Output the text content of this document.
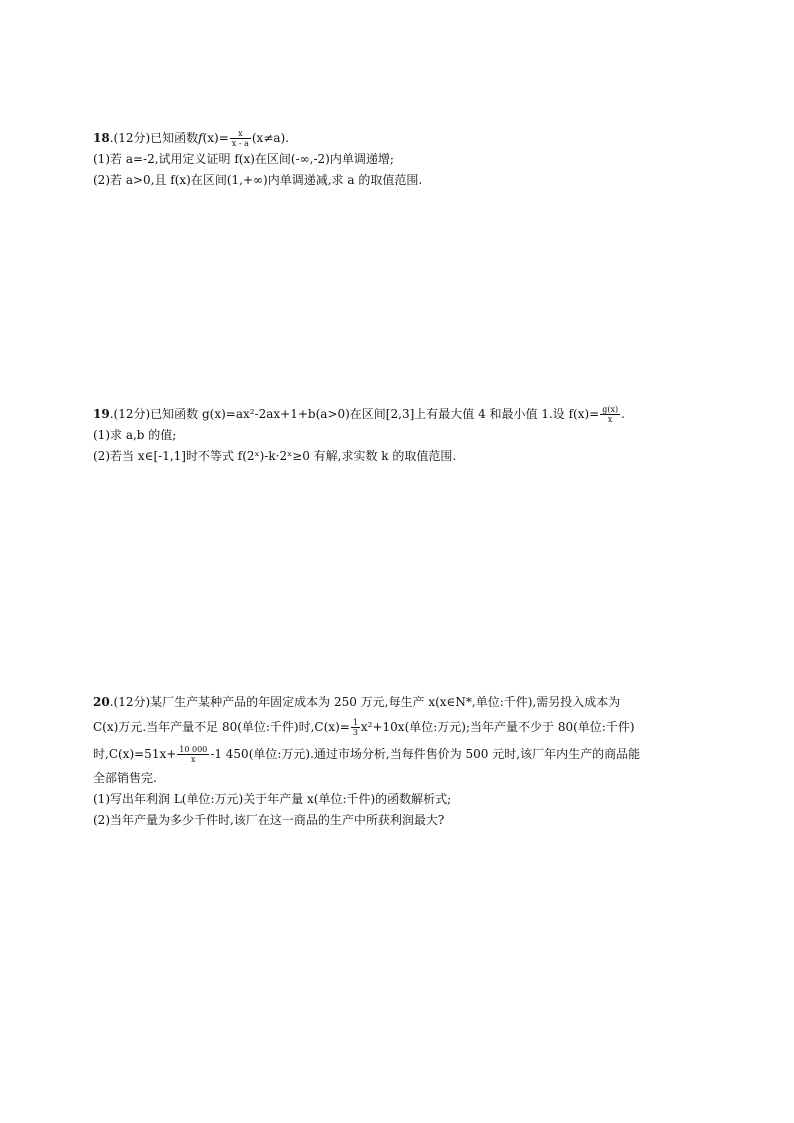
18.(12分)已知函数$f(x)= \frac{x}{x - a} (x\ne a)$.
(1)若 a=-2,试用定义证明 f(x)在区间(-∞,-2)内单调递增;
(2)若 a>0,且 f(x)在区间(1,+∞)内单调递减,求 a 的取值范围.
19.(12分)已知函数 g(x)=ax²-2ax+1+b(a>0)在区间[2,3]上有最大值 4 和最小值 1.设 $f(x)= \frac{g(x)}{x}$ .
(1)求 a,b 的值;
(2)若当 x∈[-1,1]时不等式 f(2ˣ)-k·2ˣ≥0 有解,求实数 k 的取值范围.
20.(12分)某厂生产某种产品的年固定成本为 250 万元,每生产 x(x∈N*,单位:千件),需另投入成本为
C(x)万元.当年产量不足 80(单位:千件)时$,C(x)= \frac{1}{3} x^2+10x$(单位:万元);当年产量不少于 80(单位:千件)
时$,C(x)=51x+ \frac{10 000}{x} -1$ 450(单位:万元).通过市场分析,当每件售价为 500 元时,该厂年内生产的商品能
全部销售完.
(1)写出年利润 L(单位:万元)关于年产量 x(单位:千件)的函数解析式;
(2)当年产量为多少千件时,该厂在这一商品的生产中所获利润最大?
